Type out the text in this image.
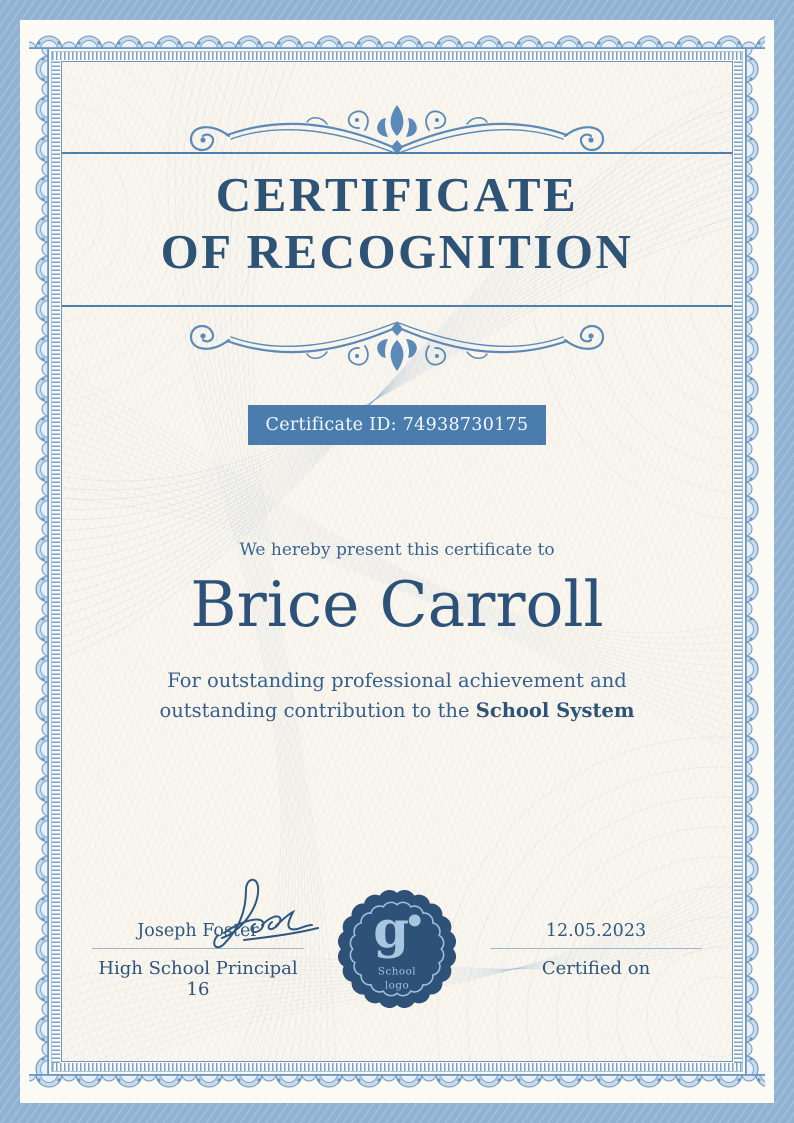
CERTIFICATE
OF RECOGNITION
Certificate ID: 74938730175
We hereby present this certificate to
Brice Carroll
For outstanding professional achievement and
outstanding contribution to the School System
Joseph Foster
High School Principal 16
g
School
logo
12.05.2023
Certified on
